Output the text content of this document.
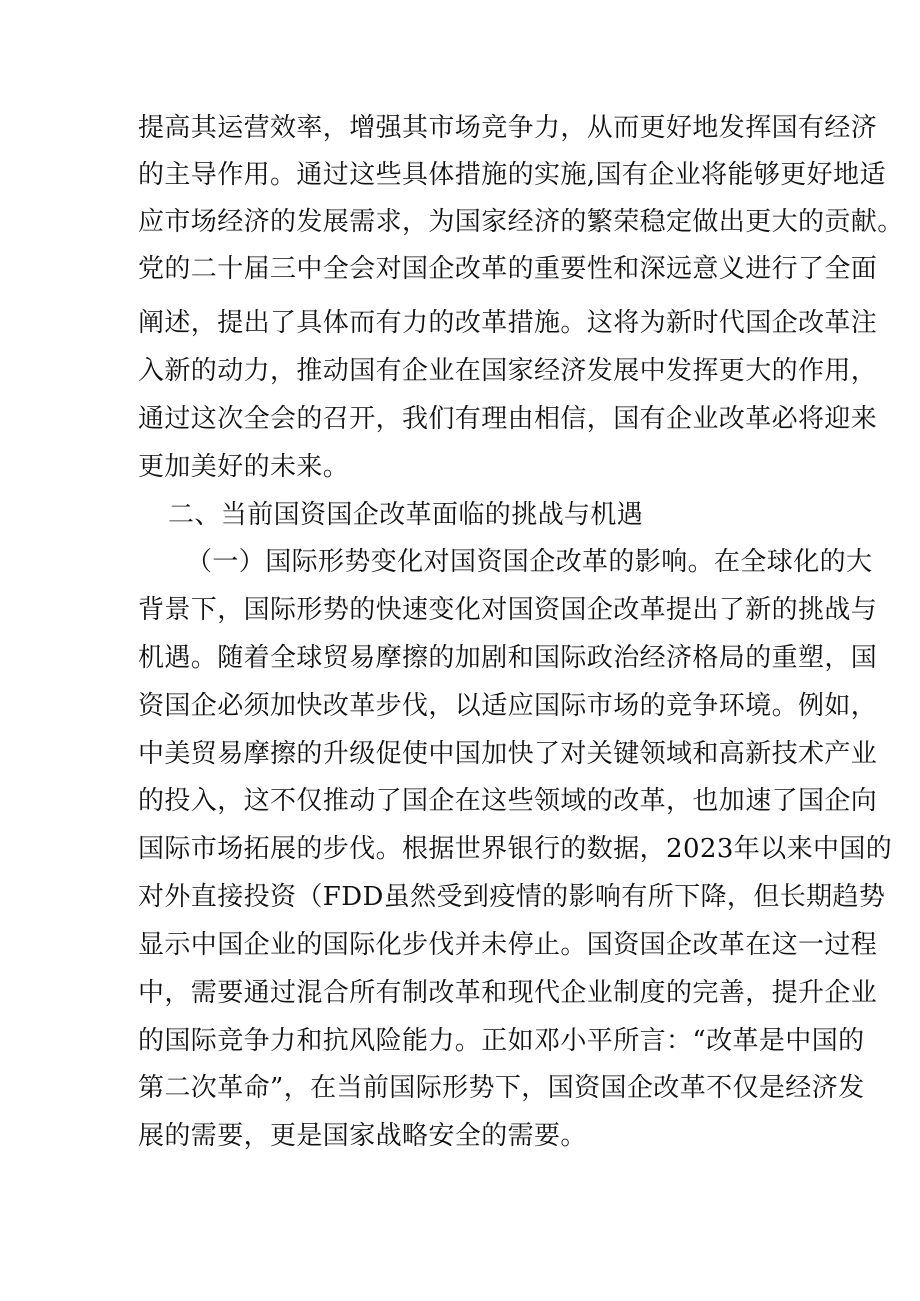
提高其运营效率，增强其市场竞争力，从而更好地发挥国有经济
的主导作用。通过这些具体措施的实施,国有企业将能够更好地适
应市场经济的发展需求，为国家经济的繁荣稳定做出更大的贡献。
党的二十届三中全会对国企改革的重要性和深远意义进行了全面
阐述，提出了具体而有力的改革措施。这将为新时代国企改革注
入新的动力，推动国有企业在国家经济发展中发挥更大的作用，
通过这次全会的召开，我们有理由相信，国有企业改革必将迎来
更加美好的未来。
二、当前国资国企改革面临的挑战与机遇
（一）国际形势变化对国资国企改革的影响。在全球化的大
背景下，国际形势的快速变化对国资国企改革提出了新的挑战与
机遇。随着全球贸易摩擦的加剧和国际政治经济格局的重塑，国
资国企必须加快改革步伐，以适应国际市场的竞争环境。例如，
中美贸易摩擦的升级促使中国加快了对关键领域和高新技术产业
的投入，这不仅推动了国企在这些领域的改革，也加速了国企向
国际市场拓展的步伐。根据世界银行的数据，2023年以来中国的
对外直接投资（FDD虽然受到疫情的影响有所下降，但长期趋势
显示中国企业的国际化步伐并未停止。国资国企改革在这一过程
中，需要通过混合所有制改革和现代企业制度的完善，提升企业
的国际竞争力和抗风险能力。正如邓小平所言：“改革是中国的
第二次革命”，在当前国际形势下，国资国企改革不仅是经济发
展的需要，更是国家战略安全的需要。
